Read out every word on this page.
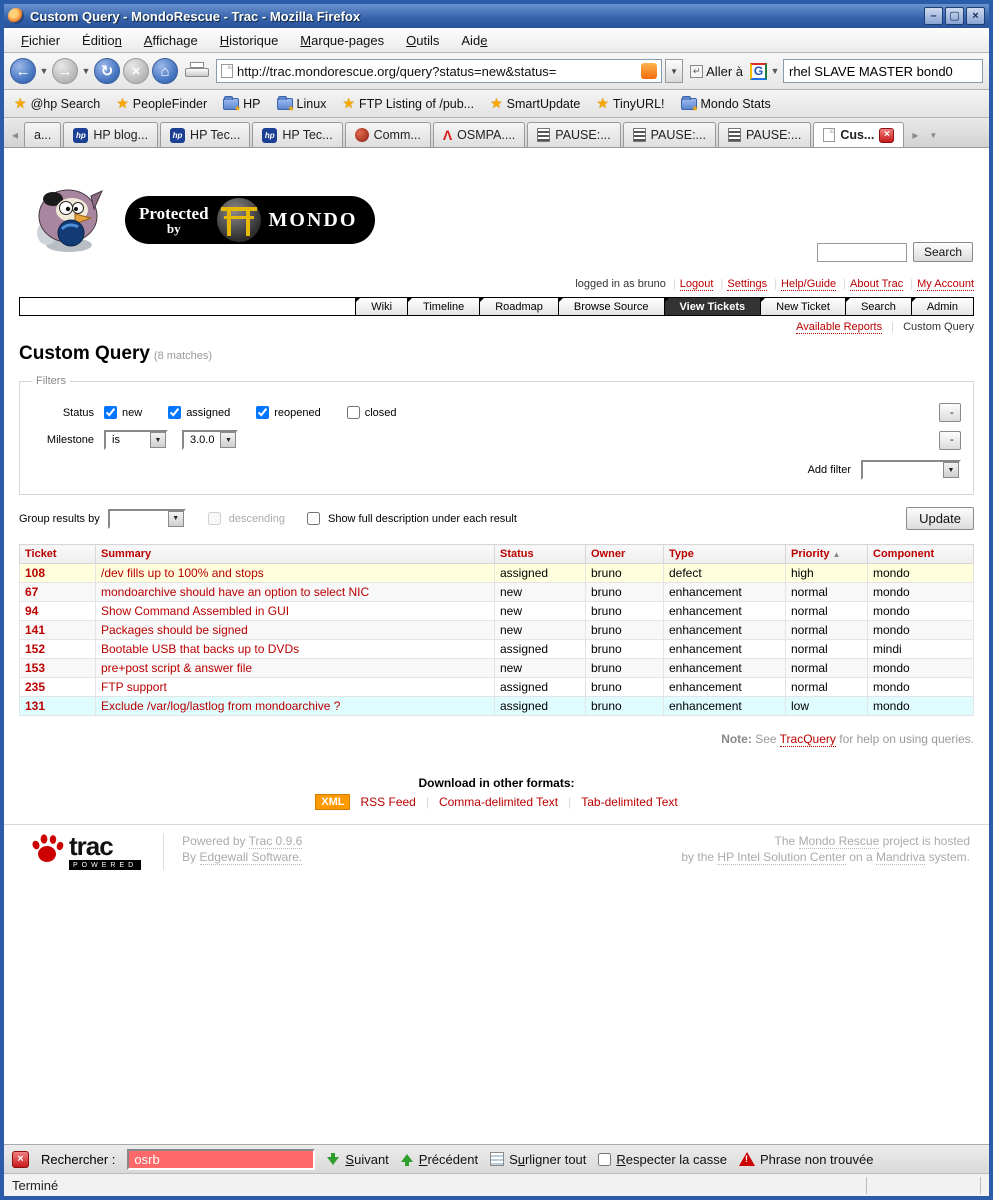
Custom Query - MondoRescue - Trac - Mozilla Firefox	–	▢	×
Fichier	Édition	Affichage	Historique	Marque-pages	Outils	Aide
←	▼ →	▼ ↻	×	⌂	http://trac.mondorescue.org/query?status=new&status=	▼	↵ Aller à G ▼
rhel SLAVE MASTER bond0
★ @hp Search ★ PeopleFinder ★	HP ★	Linux ★ FTP Listing of /pub... ★ SmartUpdate ★ TinyURL! ★	Mondo Stats
◂	a...	hp HP blog...	hp HP Tec...	hp HP Tec...	Comm... Λ OSMPA....	PAUSE:...	PAUSE:...	PAUSE:...	Cus... ×	▸	▼
Protected
by	MONDO
Search
logged in as bruno | Logout | Settings | Help/Guide | About Trac | My Account
Wiki	Timeline	Roadmap	Browse Source	View Tickets	New Ticket	Search	Admin
Available Reports | Custom Query
Custom Query (8 matches)
Filters
Status	new	assigned	reopened	closed	-
Milestone	is	▼	3.0.0	▼	-
Add filter	▼
Group results by	▼	descending	Show full description under each result	Update
Ticket	Summary	Status	Owner	Type	Priority ▲	Component
108	/dev fills up to 100% and stops	assigned	bruno	defect	high	mondo
67	mondoarchive should have an option to select NIC	new	bruno	enhancement	normal	mondo
94	Show Command Assembled in GUI	new	bruno	enhancement	normal	mondo
141	Packages should be signed	new	bruno	enhancement	normal	mondo
152	Bootable USB that backs up to DVDs	assigned	bruno	enhancement	normal	mindi
153	pre+post script & answer file	new	bruno	enhancement	normal	mondo
235	FTP support	assigned	bruno	enhancement	normal	mondo
131	Exclude /var/log/lastlog from mondoarchive ?	assigned	bruno	enhancement	low	mondo
Note: See TracQuery for help on using queries.
Download in other formats:
XML	RSS Feed | Comma-delimited Text | Tab-delimited Text
trac
POWERED
Powered by Trac 0.9.6
By Edgewall Software.
The Mondo Rescue project is hosted
by the HP Intel Solution Center on a Mandriva system.
×	Rechercher :
osrb	Suivant Précédent Surligner tout Respecter la casse !	Phrase non trouvée
Terminé
